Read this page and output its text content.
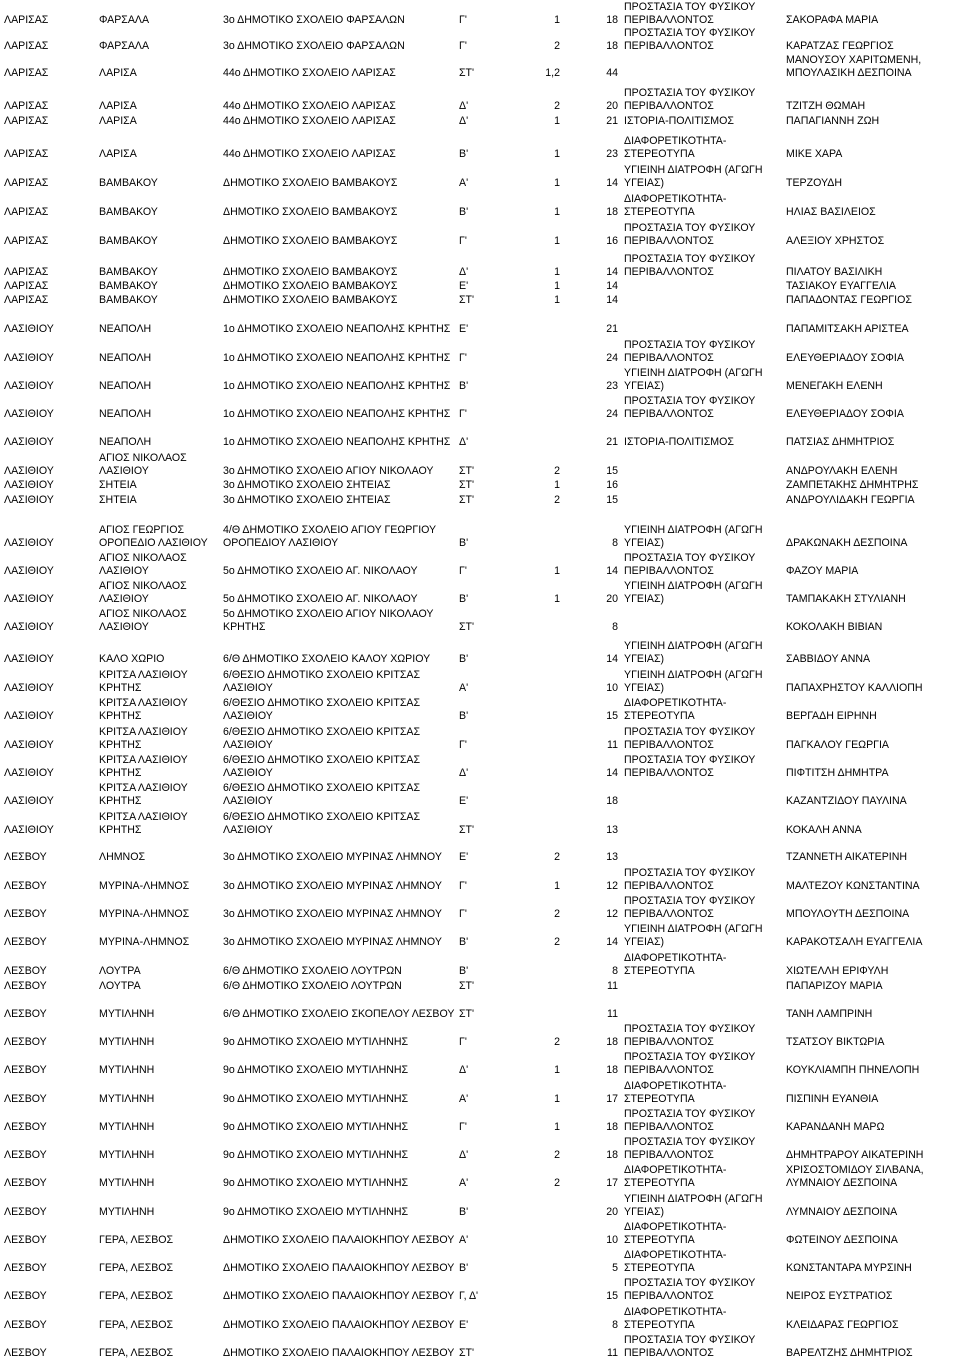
ΛΑΡΙΣΑΣ	ΦΑΡΣΑΛΑ	3ο ΔΗΜΟΤΙΚΟ ΣΧΟΛΕΙΟ ΦΑΡΣΑΛΩΝ	Γ'	1	18	ΠΡΟΣΤΑΣΙΑ ΤΟΥ ΦΥΣΙΚΟΥ ΠΕΡΙΒΑΛΛΟΝΤΟΣ	ΣΑΚΟΡΑΦΑ ΜΑΡΙΑ
ΛΑΡΙΣΑΣ	ΦΑΡΣΑΛΑ	3ο ΔΗΜΟΤΙΚΟ ΣΧΟΛΕΙΟ ΦΑΡΣΑΛΩΝ	Γ'	2	18	ΠΡΟΣΤΑΣΙΑ ΤΟΥ ΦΥΣΙΚΟΥ ΠΕΡΙΒΑΛΛΟΝΤΟΣ	ΚΑΡΑΤΖΑΣ ΓΕΩΡΓΙΟΣ
ΛΑΡΙΣΑΣ	ΛΑΡΙΣΑ	44ο ΔΗΜΟΤΙΚΟ ΣΧΟΛΕΙΟ ΛΑΡΙΣΑΣ	ΣΤ'	1,2	44		ΜΑΝΟΥΣΟΥ ΧΑΡΙΤΩΜΕΝΗ, ΜΠΟΥΛΑΣΙΚΗ ΔΕΣΠΟΙΝΑ
ΛΑΡΙΣΑΣ	ΛΑΡΙΣΑ	44ο ΔΗΜΟΤΙΚΟ ΣΧΟΛΕΙΟ ΛΑΡΙΣΑΣ	Δ'	2	20	ΠΡΟΣΤΑΣΙΑ ΤΟΥ ΦΥΣΙΚΟΥ ΠΕΡΙΒΑΛΛΟΝΤΟΣ	ΤΖΙΤΖΗ ΘΩΜΑΗ
ΛΑΡΙΣΑΣ	ΛΑΡΙΣΑ	44ο ΔΗΜΟΤΙΚΟ ΣΧΟΛΕΙΟ ΛΑΡΙΣΑΣ	Δ'	1	21	ΙΣΤΟΡΙΑ-ΠΟΛΙΤΙΣΜΟΣ	ΠΑΠΑΓΙΑΝΝΗ ΖΩΗ
ΛΑΡΙΣΑΣ	ΛΑΡΙΣΑ	44ο ΔΗΜΟΤΙΚΟ ΣΧΟΛΕΙΟ ΛΑΡΙΣΑΣ	Β'	1	23	ΔΙΑΦΟΡΕΤΙΚΟΤΗΤΑ-ΣΤΕΡΕΟΤΥΠΑ	ΜΙΚΕ ΧΑΡΑ
ΛΑΡΙΣΑΣ	ΒΑΜΒΑΚΟΥ	ΔΗΜΟΤΙΚΟ ΣΧΟΛΕΙΟ ΒΑΜΒΑΚΟΥΣ	Α'	1	14	ΥΓΙΕΙΝΗ ΔΙΑΤΡΟΦΗ (ΑΓΩΓΗ ΥΓΕΙΑΣ)	ΤΕΡΖΟΥΔΗ
ΛΑΡΙΣΑΣ	ΒΑΜΒΑΚΟΥ	ΔΗΜΟΤΙΚΟ ΣΧΟΛΕΙΟ ΒΑΜΒΑΚΟΥΣ	Β'	1	18	ΔΙΑΦΟΡΕΤΙΚΟΤΗΤΑ-ΣΤΕΡΕΟΤΥΠΑ	ΗΛΙΑΣ ΒΑΣΙΛΕΙΟΣ
ΛΑΡΙΣΑΣ	ΒΑΜΒΑΚΟΥ	ΔΗΜΟΤΙΚΟ ΣΧΟΛΕΙΟ ΒΑΜΒΑΚΟΥΣ	Γ'	1	16	ΠΡΟΣΤΑΣΙΑ ΤΟΥ ΦΥΣΙΚΟΥ ΠΕΡΙΒΑΛΛΟΝΤΟΣ	ΑΛΕΞΙΟΥ ΧΡΗΣΤΟΣ
ΛΑΡΙΣΑΣ	ΒΑΜΒΑΚΟΥ	ΔΗΜΟΤΙΚΟ ΣΧΟΛΕΙΟ ΒΑΜΒΑΚΟΥΣ	Δ'	1	14	ΠΡΟΣΤΑΣΙΑ ΤΟΥ ΦΥΣΙΚΟΥ ΠΕΡΙΒΑΛΛΟΝΤΟΣ	ΠΙΛΑΤΟΥ ΒΑΣΙΛΙΚΗ
ΛΑΡΙΣΑΣ	ΒΑΜΒΑΚΟΥ	ΔΗΜΟΤΙΚΟ ΣΧΟΛΕΙΟ ΒΑΜΒΑΚΟΥΣ	Ε'	1	14		ΤΑΣΙΑΚΟΥ ΕΥΑΓΓΕΛΙΑ
ΛΑΡΙΣΑΣ	ΒΑΜΒΑΚΟΥ	ΔΗΜΟΤΙΚΟ ΣΧΟΛΕΙΟ ΒΑΜΒΑΚΟΥΣ	ΣΤ'	1	14		ΠΑΠΑΔΟΝΤΑΣ ΓΕΩΡΓΙΟΣ
ΛΑΣΙΘΙΟΥ	ΝΕΑΠΟΛΗ	1ο ΔΗΜΟΤΙΚΟ ΣΧΟΛΕΙΟ ΝΕΑΠΟΛΗΣ ΚΡΗΤΗΣ	Ε'		21		ΠΑΠΑΜΙΤΣΑΚΗ ΑΡΙΣΤΕΑ
ΛΑΣΙΘΙΟΥ	ΝΕΑΠΟΛΗ	1ο ΔΗΜΟΤΙΚΟ ΣΧΟΛΕΙΟ ΝΕΑΠΟΛΗΣ ΚΡΗΤΗΣ	Γ'		24	ΠΡΟΣΤΑΣΙΑ ΤΟΥ ΦΥΣΙΚΟΥ ΠΕΡΙΒΑΛΛΟΝΤΟΣ	ΕΛΕΥΘΕΡΙΑΔΟΥ ΣΟΦΙΑ
ΛΑΣΙΘΙΟΥ	ΝΕΑΠΟΛΗ	1ο ΔΗΜΟΤΙΚΟ ΣΧΟΛΕΙΟ ΝΕΑΠΟΛΗΣ ΚΡΗΤΗΣ	Β'		23	ΥΓΙΕΙΝΗ ΔΙΑΤΡΟΦΗ (ΑΓΩΓΗ ΥΓΕΙΑΣ)	ΜΕΝΕΓΑΚΗ ΕΛΕΝΗ
ΛΑΣΙΘΙΟΥ	ΝΕΑΠΟΛΗ	1ο ΔΗΜΟΤΙΚΟ ΣΧΟΛΕΙΟ ΝΕΑΠΟΛΗΣ ΚΡΗΤΗΣ	Γ'		24	ΠΡΟΣΤΑΣΙΑ ΤΟΥ ΦΥΣΙΚΟΥ ΠΕΡΙΒΑΛΛΟΝΤΟΣ	ΕΛΕΥΘΕΡΙΑΔΟΥ ΣΟΦΙΑ
ΛΑΣΙΘΙΟΥ	ΝΕΑΠΟΛΗ	1ο ΔΗΜΟΤΙΚΟ ΣΧΟΛΕΙΟ ΝΕΑΠΟΛΗΣ ΚΡΗΤΗΣ	Δ'		21	ΙΣΤΟΡΙΑ-ΠΟΛΙΤΙΣΜΟΣ	ΠΑΤΣΙΑΣ ΔΗΜΗΤΡΙΟΣ
ΛΑΣΙΘΙΟΥ	ΑΓΙΟΣ ΝΙΚΟΛΑΟΣ ΛΑΣΙΘΙΟΥ	3ο ΔΗΜΟΤΙΚΟ ΣΧΟΛΕΙΟ ΑΓΙΟΥ ΝΙΚΟΛΑΟΥ	ΣΤ'	2	15		ΑΝΔΡΟΥΛΑΚΗ ΕΛΕΝΗ
ΛΑΣΙΘΙΟΥ	ΣΗΤΕΙΑ	3ο ΔΗΜΟΤΙΚΟ ΣΧΟΛΕΙΟ ΣΗΤΕΙΑΣ	ΣΤ'	1	16		ΖΑΜΠΕΤΑΚΗΣ ΔΗΜΗΤΡΗΣ
ΛΑΣΙΘΙΟΥ	ΣΗΤΕΙΑ	3ο ΔΗΜΟΤΙΚΟ ΣΧΟΛΕΙΟ ΣΗΤΕΙΑΣ	ΣΤ'	2	15		ΑΝΔΡΟΥΛΙΔΑΚΗ ΓΕΩΡΓΙΑ
ΛΑΣΙΘΙΟΥ	ΑΓΙΟΣ ΓΕΩΡΓΙΟΣ ΟΡΟΠΕΔΙΟ ΛΑΣΙΘΙΟΥ	4/Θ ΔΗΜΟΤΙΚΟ ΣΧΟΛΕΙΟ ΑΓΙΟΥ ΓΕΩΡΓΙΟΥ ΟΡΟΠΕΔΙΟΥ ΛΑΣΙΘΙΟΥ	Β'		8	ΥΓΙΕΙΝΗ ΔΙΑΤΡΟΦΗ (ΑΓΩΓΗ ΥΓΕΙΑΣ)	ΔΡΑΚΩΝΑΚΗ ΔΕΣΠΟΙΝΑ
ΛΑΣΙΘΙΟΥ	ΑΓΙΟΣ ΝΙΚΟΛΑΟΣ ΛΑΣΙΘΙΟΥ	5ο ΔΗΜΟΤΙΚΟ ΣΧΟΛΕΙΟ ΑΓ. ΝΙΚΟΛΑΟΥ	Γ'	1	14	ΠΡΟΣΤΑΣΙΑ ΤΟΥ ΦΥΣΙΚΟΥ ΠΕΡΙΒΑΛΛΟΝΤΟΣ	ΦΑΖΟΥ ΜΑΡΙΑ
ΛΑΣΙΘΙΟΥ	ΑΓΙΟΣ ΝΙΚΟΛΑΟΣ ΛΑΣΙΘΙΟΥ	5ο ΔΗΜΟΤΙΚΟ ΣΧΟΛΕΙΟ ΑΓ. ΝΙΚΟΛΑΟΥ	Β'	1	20	ΥΓΙΕΙΝΗ ΔΙΑΤΡΟΦΗ (ΑΓΩΓΗ ΥΓΕΙΑΣ)	ΤΑΜΠΑΚΑΚΗ ΣΤΥΛΙΑΝΗ
ΛΑΣΙΘΙΟΥ	ΑΓΙΟΣ ΝΙΚΟΛΑΟΣ ΛΑΣΙΘΙΟΥ	5ο ΔΗΜΟΤΙΚΟ ΣΧΟΛΕΙΟ ΑΓΙΟΥ ΝΙΚΟΛΑΟΥ ΚΡΗΤΗΣ	ΣΤ'		8		ΚΟΚΟΛΑΚΗ ΒΙΒΙΑΝ
ΛΑΣΙΘΙΟΥ	ΚΑΛΟ ΧΩΡΙΟ	6/Θ ΔΗΜΟΤΙΚΟ ΣΧΟΛΕΙΟ ΚΑΛΟΥ ΧΩΡΙΟΥ	Β'		14	ΥΓΙΕΙΝΗ ΔΙΑΤΡΟΦΗ (ΑΓΩΓΗ ΥΓΕΙΑΣ)	ΣΑΒΒΙΔΟΥ ΑΝΝΑ
ΛΑΣΙΘΙΟΥ	ΚΡΙΤΣΑ ΛΑΣΙΘΙΟΥ ΚΡΗΤΗΣ	6/ΘΕΣΙΟ ΔΗΜΟΤΙΚΟ ΣΧΟΛΕΙΟ ΚΡΙΤΣΑΣ ΛΑΣΙΘΙΟΥ	Α'		10	ΥΓΙΕΙΝΗ ΔΙΑΤΡΟΦΗ (ΑΓΩΓΗ ΥΓΕΙΑΣ)	ΠΑΠΑΧΡΗΣΤΟΥ ΚΑΛΛΙΟΠΗ
ΛΑΣΙΘΙΟΥ	ΚΡΙΤΣΑ ΛΑΣΙΘΙΟΥ ΚΡΗΤΗΣ	6/ΘΕΣΙΟ ΔΗΜΟΤΙΚΟ ΣΧΟΛΕΙΟ ΚΡΙΤΣΑΣ ΛΑΣΙΘΙΟΥ	Β'		15	ΔΙΑΦΟΡΕΤΙΚΟΤΗΤΑ-ΣΤΕΡΕΟΤΥΠΑ	ΒΕΡΓΑΔΗ ΕΙΡΗΝΗ
ΛΑΣΙΘΙΟΥ	ΚΡΙΤΣΑ ΛΑΣΙΘΙΟΥ ΚΡΗΤΗΣ	6/ΘΕΣΙΟ ΔΗΜΟΤΙΚΟ ΣΧΟΛΕΙΟ ΚΡΙΤΣΑΣ ΛΑΣΙΘΙΟΥ	Γ'		11	ΠΡΟΣΤΑΣΙΑ ΤΟΥ ΦΥΣΙΚΟΥ ΠΕΡΙΒΑΛΛΟΝΤΟΣ	ΠΑΓΚΑΛΟΥ ΓΕΩΡΓΙΑ
ΛΑΣΙΘΙΟΥ	ΚΡΙΤΣΑ ΛΑΣΙΘΙΟΥ ΚΡΗΤΗΣ	6/ΘΕΣΙΟ ΔΗΜΟΤΙΚΟ ΣΧΟΛΕΙΟ ΚΡΙΤΣΑΣ ΛΑΣΙΘΙΟΥ	Δ'		14	ΠΡΟΣΤΑΣΙΑ ΤΟΥ ΦΥΣΙΚΟΥ ΠΕΡΙΒΑΛΛΟΝΤΟΣ	ΠΙΦΤΙΤΣΗ ΔΗΜΗΤΡΑ
ΛΑΣΙΘΙΟΥ	ΚΡΙΤΣΑ ΛΑΣΙΘΙΟΥ ΚΡΗΤΗΣ	6/ΘΕΣΙΟ ΔΗΜΟΤΙΚΟ ΣΧΟΛΕΙΟ ΚΡΙΤΣΑΣ ΛΑΣΙΘΙΟΥ	Ε'		18		ΚΑΖΑΝΤΖΙΔΟΥ ΠΑΥΛΙΝΑ
ΛΑΣΙΘΙΟΥ	ΚΡΙΤΣΑ ΛΑΣΙΘΙΟΥ ΚΡΗΤΗΣ	6/ΘΕΣΙΟ ΔΗΜΟΤΙΚΟ ΣΧΟΛΕΙΟ ΚΡΙΤΣΑΣ ΛΑΣΙΘΙΟΥ	ΣΤ'		13		ΚΟΚΑΛΗ ΑΝΝΑ
ΛΕΣΒΟΥ	ΛΗΜΝΟΣ	3ο ΔΗΜΟΤΙΚΟ ΣΧΟΛΕΙΟ ΜΥΡΙΝΑΣ ΛΗΜΝΟΥ	Ε'	2	13		ΤΖΑΝΝΕΤΗ ΑΙΚΑΤΕΡΙΝΗ
ΛΕΣΒΟΥ	ΜΥΡΙΝΑ-ΛΗΜΝΟΣ	3ο ΔΗΜΟΤΙΚΟ ΣΧΟΛΕΙΟ ΜΥΡΙΝΑΣ ΛΗΜΝΟΥ	Γ'	1	12	ΠΡΟΣΤΑΣΙΑ ΤΟΥ ΦΥΣΙΚΟΥ ΠΕΡΙΒΑΛΛΟΝΤΟΣ	ΜΑΛΤΕΖΟΥ ΚΩΝΣΤΑΝΤΙΝΑ
ΛΕΣΒΟΥ	ΜΥΡΙΝΑ-ΛΗΜΝΟΣ	3ο ΔΗΜΟΤΙΚΟ ΣΧΟΛΕΙΟ ΜΥΡΙΝΑΣ ΛΗΜΝΟΥ	Γ'	2	12	ΠΡΟΣΤΑΣΙΑ ΤΟΥ ΦΥΣΙΚΟΥ ΠΕΡΙΒΑΛΛΟΝΤΟΣ	ΜΠΟΥΛΟΥΤΗ ΔΕΣΠΟΙΝΑ
ΛΕΣΒΟΥ	ΜΥΡΙΝΑ-ΛΗΜΝΟΣ	3ο ΔΗΜΟΤΙΚΟ ΣΧΟΛΕΙΟ ΜΥΡΙΝΑΣ ΛΗΜΝΟΥ	Β'	2	14	ΥΓΙΕΙΝΗ ΔΙΑΤΡΟΦΗ (ΑΓΩΓΗ ΥΓΕΙΑΣ)	ΚΑΡΑΚΟΤΣΑΛΗ ΕΥΑΓΓΕΛΙΑ
ΛΕΣΒΟΥ	ΛΟΥΤΡΑ	6/Θ ΔΗΜΟΤΙΚΟ ΣΧΟΛΕΙΟ ΛΟΥΤΡΩΝ	Β'		8	ΔΙΑΦΟΡΕΤΙΚΟΤΗΤΑ-ΣΤΕΡΕΟΤΥΠΑ	ΧΙΩΤΕΛΛΗ ΕΡΙΦΥΛΗ
ΛΕΣΒΟΥ	ΛΟΥΤΡΑ	6/Θ ΔΗΜΟΤΙΚΟ ΣΧΟΛΕΙΟ ΛΟΥΤΡΩΝ	ΣΤ'		11		ΠΑΠΑΡΙΖΟΥ ΜΑΡΙΑ
ΛΕΣΒΟΥ	ΜΥΤΙΛΗΝΗ	6/Θ ΔΗΜΟΤΙΚΟ ΣΧΟΛΕΙΟ ΣΚΟΠΕΛΟΥ ΛΕΣΒΟΥ	ΣΤ'		11		ΤΑΝΗ ΛΑΜΠΡΙΝΗ
ΛΕΣΒΟΥ	ΜΥΤΙΛΗΝΗ	9ο ΔΗΜΟΤΙΚΟ ΣΧΟΛΕΙΟ ΜΥΤΙΛΗΝΗΣ	Γ'	2	18	ΠΡΟΣΤΑΣΙΑ ΤΟΥ ΦΥΣΙΚΟΥ ΠΕΡΙΒΑΛΛΟΝΤΟΣ	ΤΣΑΤΣΟΥ ΒΙΚΤΩΡΙΑ
ΛΕΣΒΟΥ	ΜΥΤΙΛΗΝΗ	9ο ΔΗΜΟΤΙΚΟ ΣΧΟΛΕΙΟ ΜΥΤΙΛΗΝΗΣ	Δ'	1	18	ΠΡΟΣΤΑΣΙΑ ΤΟΥ ΦΥΣΙΚΟΥ ΠΕΡΙΒΑΛΛΟΝΤΟΣ	ΚΟΥΚΛΙΑΜΠΗ ΠΗΝΕΛΟΠΗ
ΛΕΣΒΟΥ	ΜΥΤΙΛΗΝΗ	9ο ΔΗΜΟΤΙΚΟ ΣΧΟΛΕΙΟ ΜΥΤΙΛΗΝΗΣ	Α'	1	17	ΔΙΑΦΟΡΕΤΙΚΟΤΗΤΑ-ΣΤΕΡΕΟΤΥΠΑ	ΠΙΣΠΙΝΗ ΕΥΑΝΘΙΑ
ΛΕΣΒΟΥ	ΜΥΤΙΛΗΝΗ	9ο ΔΗΜΟΤΙΚΟ ΣΧΟΛΕΙΟ ΜΥΤΙΛΗΝΗΣ	Γ'	1	18	ΠΡΟΣΤΑΣΙΑ ΤΟΥ ΦΥΣΙΚΟΥ ΠΕΡΙΒΑΛΛΟΝΤΟΣ	ΚΑΡΑΝΔΑΝΗ ΜΑΡΩ
ΛΕΣΒΟΥ	ΜΥΤΙΛΗΝΗ	9ο ΔΗΜΟΤΙΚΟ ΣΧΟΛΕΙΟ ΜΥΤΙΛΗΝΗΣ	Δ'	2	18	ΠΡΟΣΤΑΣΙΑ ΤΟΥ ΦΥΣΙΚΟΥ ΠΕΡΙΒΑΛΛΟΝΤΟΣ	ΔΗΜΗΤΡΑΡΟΥ ΑΙΚΑΤΕΡΙΝΗ
ΛΕΣΒΟΥ	ΜΥΤΙΛΗΝΗ	9ο ΔΗΜΟΤΙΚΟ ΣΧΟΛΕΙΟ ΜΥΤΙΛΗΝΗΣ	Α'	2	17	ΔΙΑΦΟΡΕΤΙΚΟΤΗΤΑ-ΣΤΕΡΕΟΤΥΠΑ	ΧΡΙΣΟΣΤΟΜΙΔΟΥ ΣΙΛΒΑΝΑ, ΛΥΜΝΑΙΟΥ ΔΕΣΠΟΙΝΑ
ΛΕΣΒΟΥ	ΜΥΤΙΛΗΝΗ	9ο ΔΗΜΟΤΙΚΟ ΣΧΟΛΕΙΟ ΜΥΤΙΛΗΝΗΣ	Β'		20	ΥΓΙΕΙΝΗ ΔΙΑΤΡΟΦΗ (ΑΓΩΓΗ ΥΓΕΙΑΣ)	ΛΥΜΝΑΙΟΥ ΔΕΣΠΟΙΝΑ
ΛΕΣΒΟΥ	ΓΕΡΑ, ΛΕΣΒΟΣ	ΔΗΜΟΤΙΚΟ ΣΧΟΛΕΙΟ ΠΑΛΑΙΟΚΗΠΟΥ ΛΕΣΒΟΥ	Α'		10	ΔΙΑΦΟΡΕΤΙΚΟΤΗΤΑ-ΣΤΕΡΕΟΤΥΠΑ	ΦΩΤΕΙΝΟΥ ΔΕΣΠΟΙΝΑ
ΛΕΣΒΟΥ	ΓΕΡΑ, ΛΕΣΒΟΣ	ΔΗΜΟΤΙΚΟ ΣΧΟΛΕΙΟ ΠΑΛΑΙΟΚΗΠΟΥ ΛΕΣΒΟΥ	Β'		5	ΔΙΑΦΟΡΕΤΙΚΟΤΗΤΑ-ΣΤΕΡΕΟΤΥΠΑ	ΚΩΝΣΤΑΝΤΑΡΑ ΜΥΡΣΙΝΗ
ΛΕΣΒΟΥ	ΓΕΡΑ, ΛΕΣΒΟΣ	ΔΗΜΟΤΙΚΟ ΣΧΟΛΕΙΟ ΠΑΛΑΙΟΚΗΠΟΥ ΛΕΣΒΟΥ	Γ, Δ'		15	ΠΡΟΣΤΑΣΙΑ ΤΟΥ ΦΥΣΙΚΟΥ ΠΕΡΙΒΑΛΛΟΝΤΟΣ	ΝΕΙΡΟΣ ΕΥΣΤΡΑΤΙΟΣ
ΛΕΣΒΟΥ	ΓΕΡΑ, ΛΕΣΒΟΣ	ΔΗΜΟΤΙΚΟ ΣΧΟΛΕΙΟ ΠΑΛΑΙΟΚΗΠΟΥ ΛΕΣΒΟΥ	Ε'		8	ΔΙΑΦΟΡΕΤΙΚΟΤΗΤΑ-ΣΤΕΡΕΟΤΥΠΑ	ΚΛΕΙΔΑΡΑΣ ΓΕΩΡΓΙΟΣ
ΛΕΣΒΟΥ	ΓΕΡΑ, ΛΕΣΒΟΣ	ΔΗΜΟΤΙΚΟ ΣΧΟΛΕΙΟ ΠΑΛΑΙΟΚΗΠΟΥ ΛΕΣΒΟΥ	ΣΤ'		11	ΠΡΟΣΤΑΣΙΑ ΤΟΥ ΦΥΣΙΚΟΥ ΠΕΡΙΒΑΛΛΟΝΤΟΣ	ΒΑΡΕΛΤΖΗΣ ΔΗΜΗΤΡΙΟΣ
